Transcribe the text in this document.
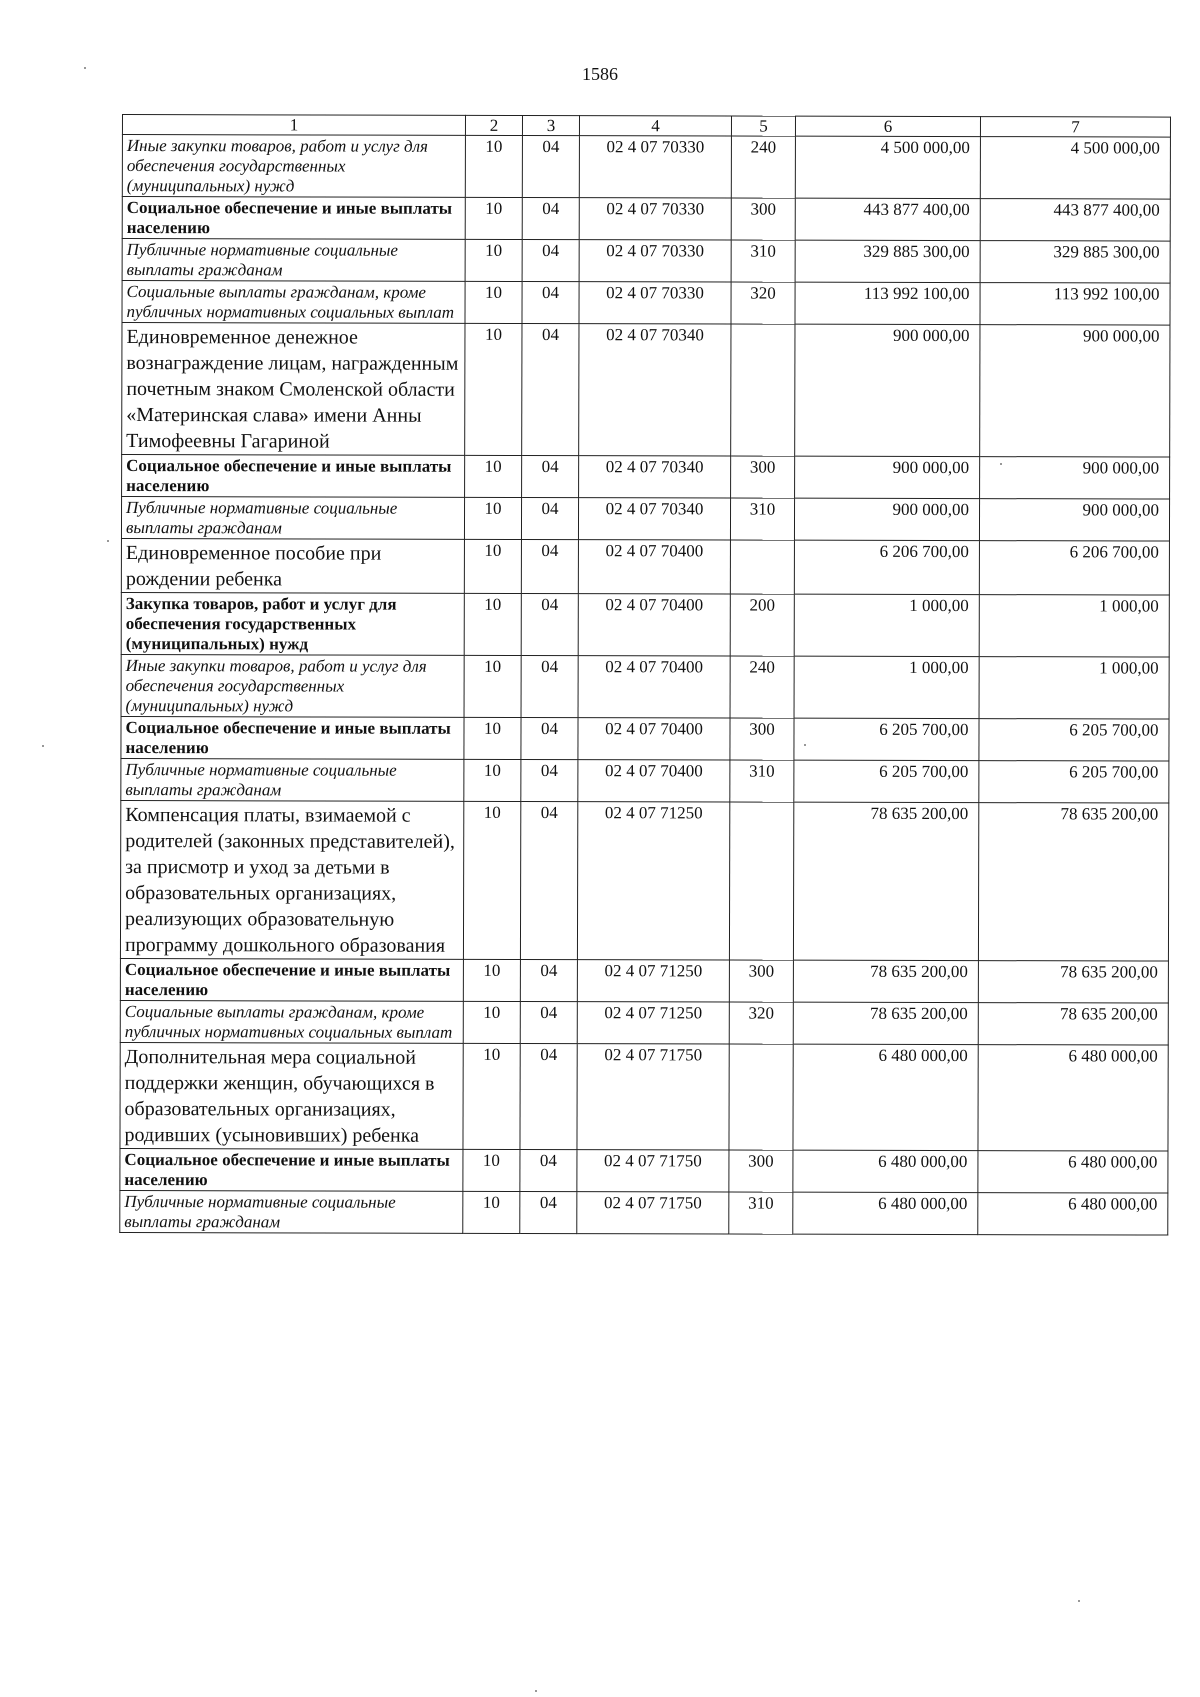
1586
1	2	3	4	5	6	7
Иные закупки товаров, работ и услуг для обеспечения государственных (муниципальных) нужд	10	04	02 4 07 70330	240	4 500 000,00	4 500 000,00
Социальное обеспечение и иные выплаты населению	10	04	02 4 07 70330	300	443 877 400,00	443 877 400,00
Публичные нормативные социальные выплаты гражданам	10	04	02 4 07 70330	310	329 885 300,00	329 885 300,00
Социальные выплаты гражданам, кроме публичных нормативных социальных выплат	10	04	02 4 07 70330	320	113 992 100,00	113 992 100,00
Единовременное денежное вознаграждение лицам, награжденным почетным знаком Смоленской области «Материнская слава» имени Анны Тимофеевны Гагариной	10	04	02 4 07 70340		900 000,00	900 000,00
Социальное обеспечение и иные выплаты населению	10	04	02 4 07 70340	300	900 000,00	900 000,00
Публичные нормативные социальные выплаты гражданам	10	04	02 4 07 70340	310	900 000,00	900 000,00
Единовременное пособие при рождении ребенка	10	04	02 4 07 70400		6 206 700,00	6 206 700,00
Закупка товаров, работ и услуг для обеспечения государственных (муниципальных) нужд	10	04	02 4 07 70400	200	1 000,00	1 000,00
Иные закупки товаров, работ и услуг для обеспечения государственных (муниципальных) нужд	10	04	02 4 07 70400	240	1 000,00	1 000,00
Социальное обеспечение и иные выплаты населению	10	04	02 4 07 70400	300	6 205 700,00	6 205 700,00
Публичные нормативные социальные выплаты гражданам	10	04	02 4 07 70400	310	6 205 700,00	6 205 700,00
Компенсация платы, взимаемой с родителей (законных представителей), за присмотр и уход за детьми в образовательных организациях, реализующих образовательную программу дошкольного образования	10	04	02 4 07 71250		78 635 200,00	78 635 200,00
Социальное обеспечение и иные выплаты населению	10	04	02 4 07 71250	300	78 635 200,00	78 635 200,00
Социальные выплаты гражданам, кроме публичных нормативных социальных выплат	10	04	02 4 07 71250	320	78 635 200,00	78 635 200,00
Дополнительная мера социальной поддержки женщин, обучающихся в образовательных организациях, родивших (усыновивших) ребенка	10	04	02 4 07 71750		6 480 000,00	6 480 000,00
Социальное обеспечение и иные выплаты населению	10	04	02 4 07 71750	300	6 480 000,00	6 480 000,00
Публичные нормативные социальные выплаты гражданам	10	04	02 4 07 71750	310	6 480 000,00	6 480 000,00
